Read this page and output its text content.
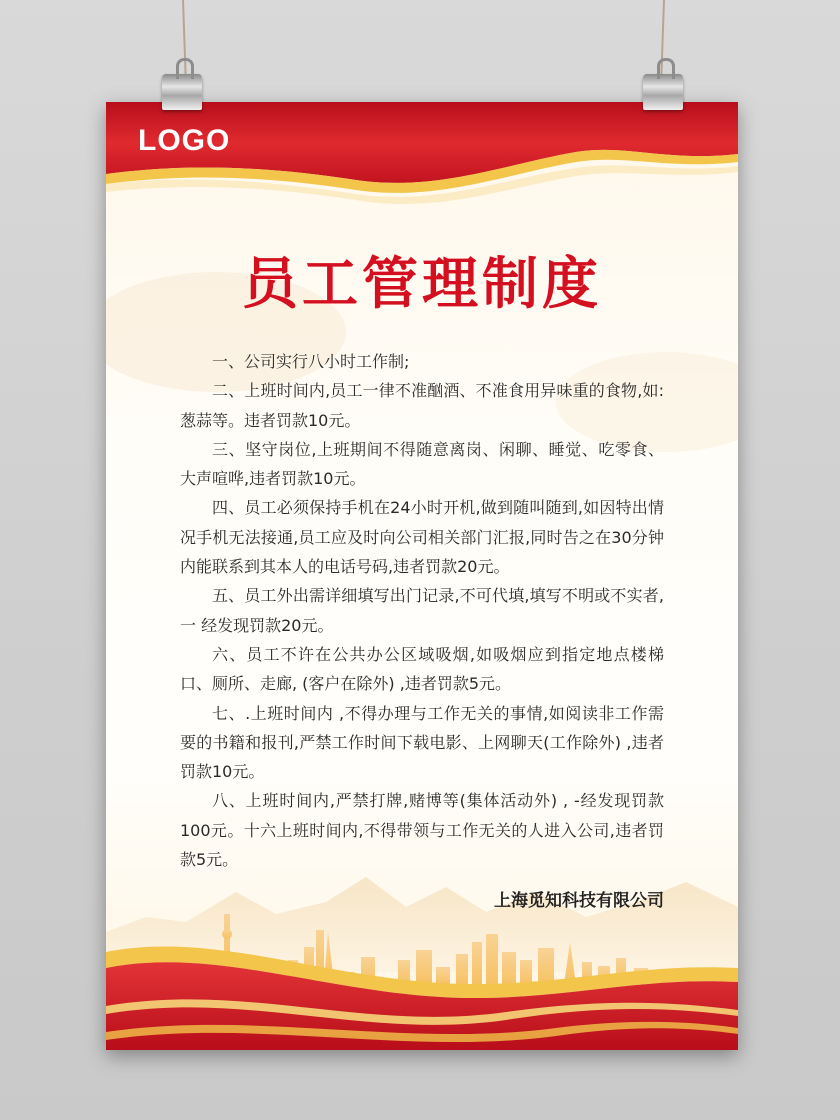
LOGO
员工管理制度

一、公司实行八小时工作制;

二、上班时间内,员工一律不准酗酒、不准食用异味重的食物,如:葱蒜等。违者罚款10元。

三、坚守岗位,上班期间不得随意离岗、闲聊、睡觉、吃零食、大声喧哗,违者罚款10元。

四、员工必须保持手机在24小时开机,做到随叫随到,如因特出情况手机无法接通,员工应及时向公司相关部门汇报,同时告之在30分钟内能联系到其本人的电话号码,违者罚款20元。

五、员工外出需详细填写出门记录,不可代填,填写不明或不实者,一 经发现罚款20元。

六、员工不许在公共办公区域吸烟,如吸烟应到指定地点楼梯口、厕所、走廊, (客户在除外) ,违者罚款5元。

七、.上班时间内 ,不得办理与工作无关的事情,如阅读非工作需要的书籍和报刊,严禁工作时间下载电影、上网聊天(工作除外) ,违者罚款10元。

八、上班时间内,严禁打牌,赌博等(集体活动外) , -经发现罚款100元。十六上班时间内,不得带领与工作无关的人进入公司,违者罚款5元。

上海觅知科技有限公司
